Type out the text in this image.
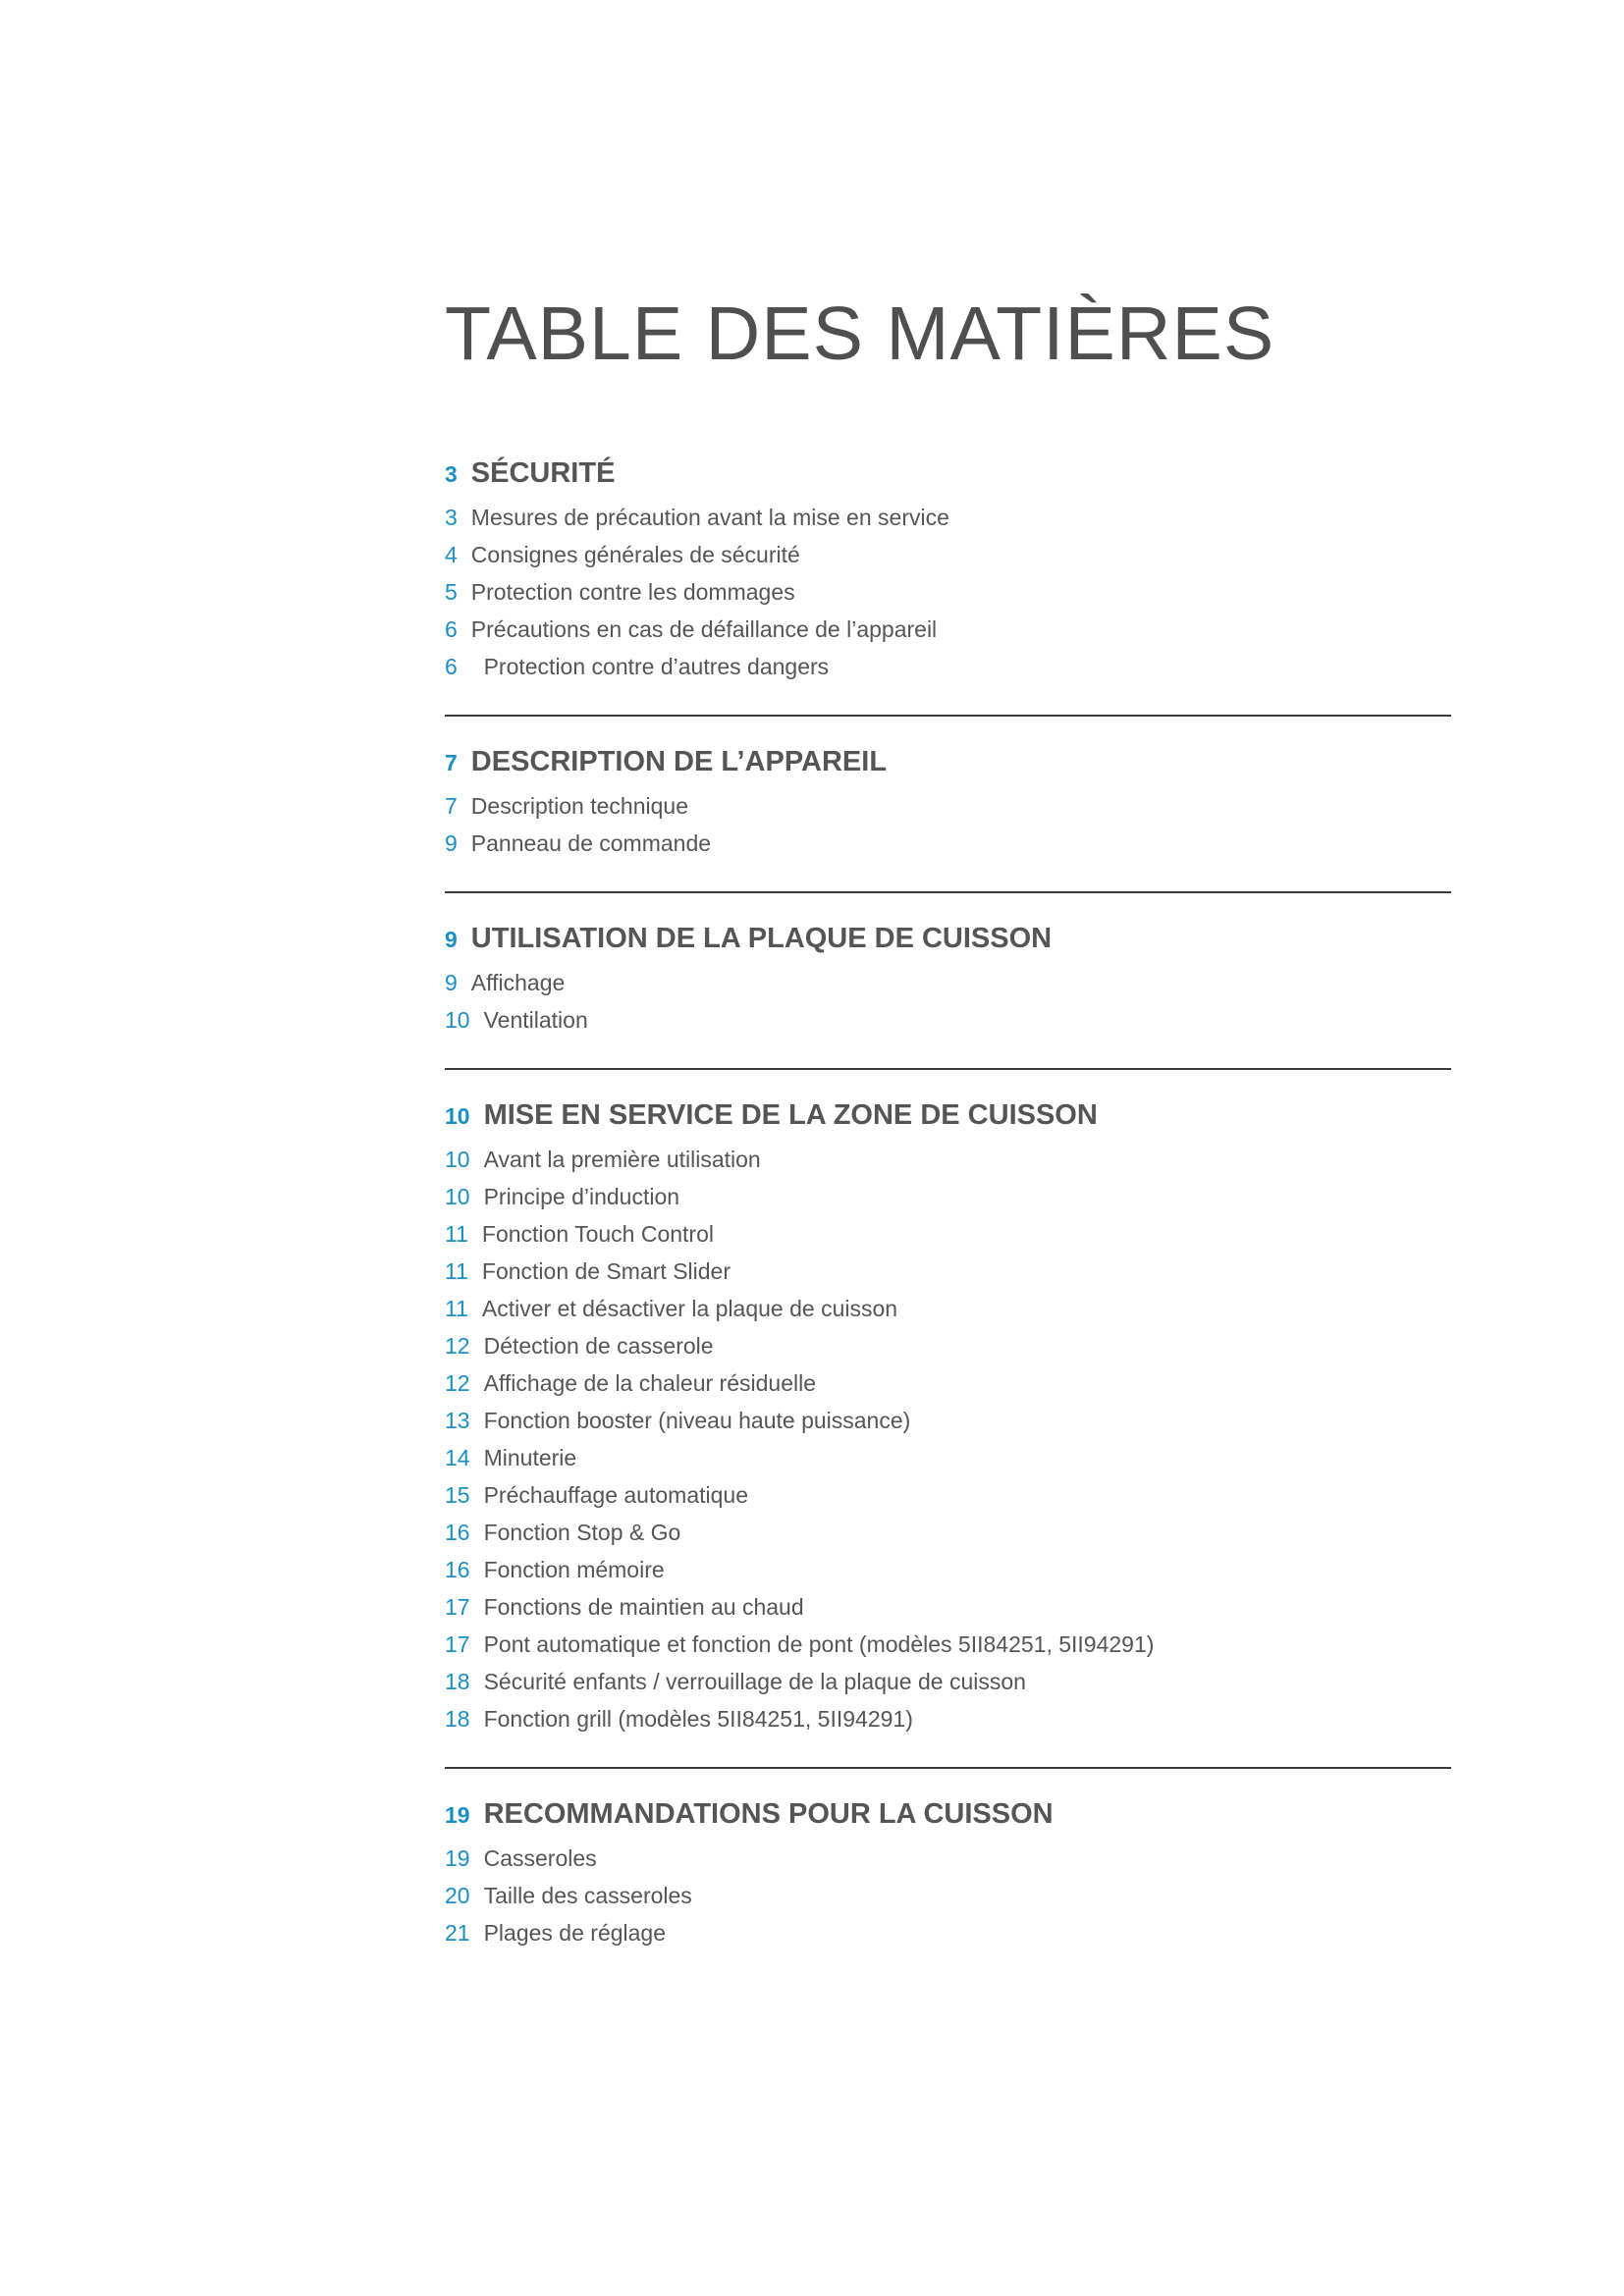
TABLE DES MATIÈRES
3 SÉCURITÉ
3 Mesures de précaution avant la mise en service
4 Consignes générales de sécurité
5 Protection contre les dommages
6 Précautions en cas de défaillance de l’appareil
6 Protection contre d’autres dangers
7 DESCRIPTION DE L’APPAREIL
7 Description technique
9 Panneau de commande
9 UTILISATION DE LA PLAQUE DE CUISSON
9 Affichage
10 Ventilation
10 MISE EN SERVICE DE LA ZONE DE CUISSON
10 Avant la première utilisation
10 Principe d’induction
11 Fonction Touch Control
11 Fonction de Smart Slider
11 Activer et désactiver la plaque de cuisson
12 Détection de casserole
12 Affichage de la chaleur résiduelle
13 Fonction booster (niveau haute puissance)
14 Minuterie
15 Préchauffage automatique
16 Fonction Stop & Go
16 Fonction mémoire
17 Fonctions de maintien au chaud
17 Pont automatique et fonction de pont (modèles 5II84251, 5II94291)
18 Sécurité enfants / verrouillage de la plaque de cuisson
18 Fonction grill (modèles 5II84251, 5II94291)
19 RECOMMANDATIONS POUR LA CUISSON
19 Casseroles
20 Taille des casseroles
21 Plages de réglage
